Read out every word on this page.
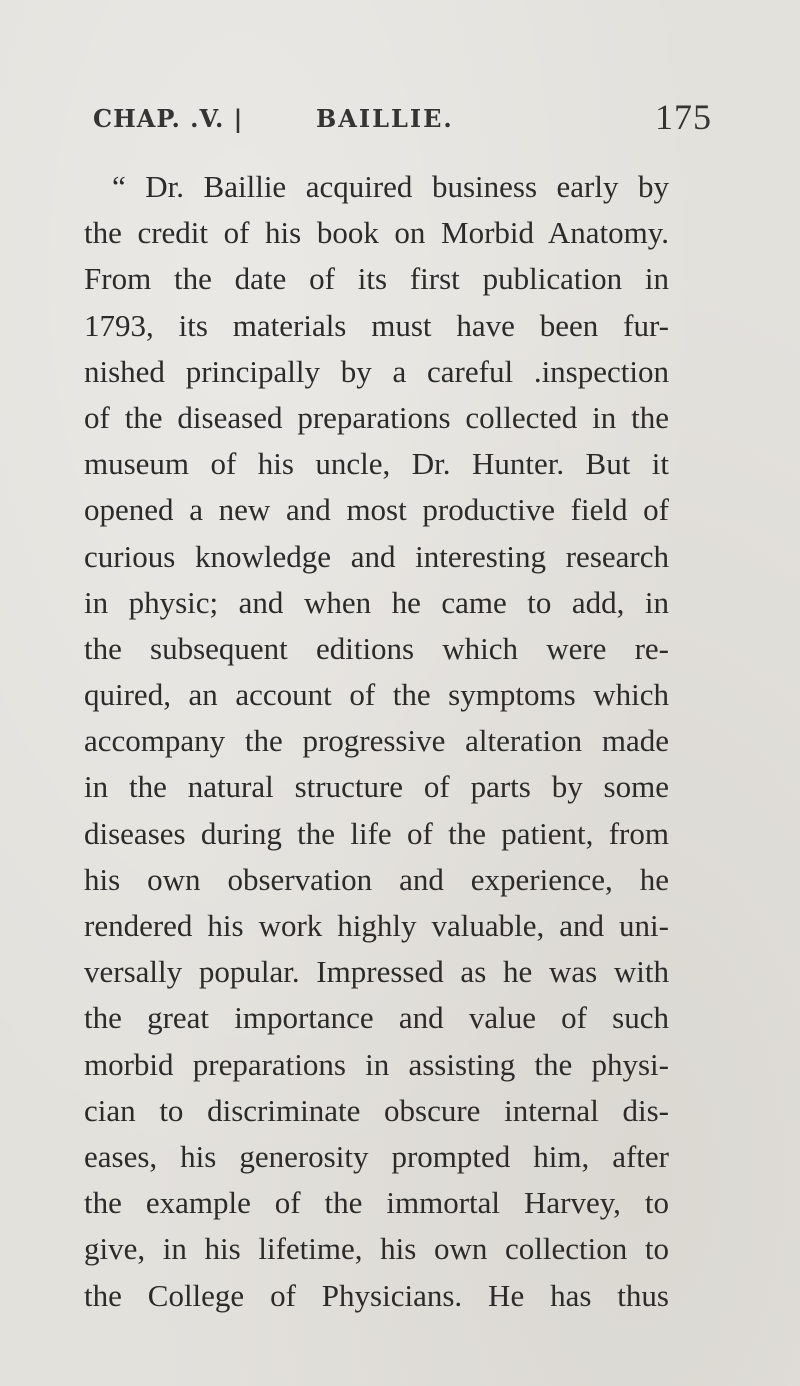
CHAP. .V. |	BAILLIE.	175
“ Dr. Baillie acquired business early by
the credit of his book on Morbid Anatomy.
From the date of its first publication in
1793, its materials must have been fur-
nished principally by a careful .inspection
of the diseased preparations collected in the
museum of his uncle, Dr. Hunter. But it
opened a new and most productive field of
curious knowledge and interesting research
in physic; and when he came to add, in
the subsequent editions which were re-
quired, an account of the symptoms which
accompany the progressive alteration made
in the natural structure of parts by some
diseases during the life of the patient, from
his own observation and experience, he
rendered his work highly valuable, and uni-
versally popular. Impressed as he was with
the great importance and value of such
morbid preparations in assisting the physi-
cian to discriminate obscure internal dis-
eases, his generosity prompted him, after
the example of the immortal Harvey, to
give, in his lifetime, his own collection to
the College of Physicians. He has thus
